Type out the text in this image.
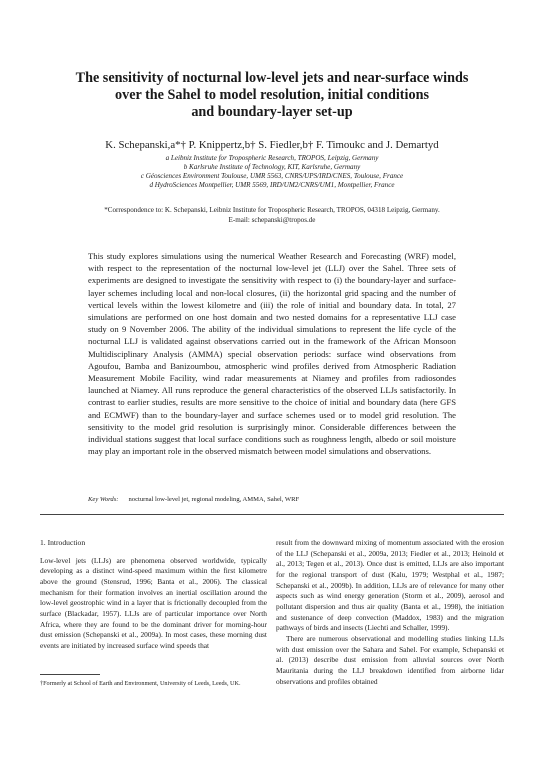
The sensitivity of nocturnal low-level jets and near-surface winds
over the Sahel to model resolution, initial conditions
and boundary-layer set-up
K. Schepanski,a*† P. Knippertz,b† S. Fiedler,b† F. Timoukc and J. Demartyd
a Leibniz Institute for Tropospheric Research, TROPOS, Leipzig, Germany
b Karlsruhe Institute of Technology, KIT, Karlsruhe, Germany
c Géosciences Environment Toulouse, UMR 5563, CNRS/UPS/IRD/CNES, Toulouse, France
d HydroSciences Montpellier, UMR 5569, IRD/UM2/CNRS/UM1, Montpellier, France
*Correspondence to: K. Schepanski, Leibniz Institute for Tropospheric Research, TROPOS, 04318 Leipzig, Germany.
E-mail: schepanski@tropos.de
This study explores simulations using the numerical Weather Research and Forecasting (WRF) model, with respect to the representation of the nocturnal low-level jet (LLJ) over the Sahel. Three sets of experiments are designed to investigate the sensitivity with respect to (i) the boundary-layer and surface-layer schemes including local and non-local closures, (ii) the horizontal grid spacing and the number of vertical levels within the lowest kilometre and (iii) the role of initial and boundary data. In total, 27 simulations are performed on one host domain and two nested domains for a representative LLJ case study on 9 November 2006. The ability of the individual simulations to represent the life cycle of the nocturnal LLJ is validated against observations carried out in the framework of the African Monsoon Multidisciplinary Analysis (AMMA) special observation periods: surface wind observations from Agoufou, Bamba and Banizoumbou, atmospheric wind profiles derived from Atmospheric Radiation Measurement Mobile Facility, wind radar measurements at Niamey and profiles from radiosondes launched at Niamey. All runs reproduce the general characteristics of the observed LLJs satisfactorily. In contrast to earlier studies, results are more sensitive to the choice of initial and boundary data (here GFS and ECMWF) than to the boundary-layer and surface schemes used or to model grid resolution. The sensitivity to the model grid resolution is surprisingly minor. Considerable differences between the individual stations suggest that local surface conditions such as roughness length, albedo or soil moisture may play an important role in the observed mismatch between model simulations and observations.
Key Words: nocturnal low-level jet, regional modeling, AMMA, Sahel, WRF
1. Introduction

Low-level jets (LLJs) are phenomena observed worldwide, typically developing as a distinct wind-speed maximum within the first kilometre above the ground (Stensrud, 1996; Banta et al., 2006). The classical mechanism for their formation involves an inertial oscillation around the low-level geostrophic wind in a layer that is frictionally decoupled from the surface (Blackadar, 1957). LLJs are of particular importance over North Africa, where they are found to be the dominant driver for morning-hour dust emission (Schepanski et al., 2009a). In most cases, these morning dust events are initiated by increased surface wind speeds that

†Formerly at School of Earth and Environment, University of Leeds, Leeds, UK.

result from the downward mixing of momentum associated with the erosion of the LLJ (Schepanski et al., 2009a, 2013; Fiedler et al., 2013; Heinold et al., 2013; Tegen et al., 2013). Once dust is emitted, LLJs are also important for the regional transport of dust (Kalu, 1979; Westphal et al., 1987; Schepanski et al., 2009b). In addition, LLJs are of relevance for many other aspects such as wind energy generation (Storm et al., 2009), aerosol and pollutant dispersion and thus air quality (Banta et al., 1998), the initiation and sustenance of deep convection (Maddox, 1983) and the migration pathways of birds and insects (Liechti and Schaller, 1999).

There are numerous observational and modelling studies linking LLJs with dust emission over the Sahara and Sahel. For example, Schepanski et al. (2013) describe dust emission from alluvial sources over North Mauritania during the LLJ breakdown identified from airborne lidar observations and profiles obtained
